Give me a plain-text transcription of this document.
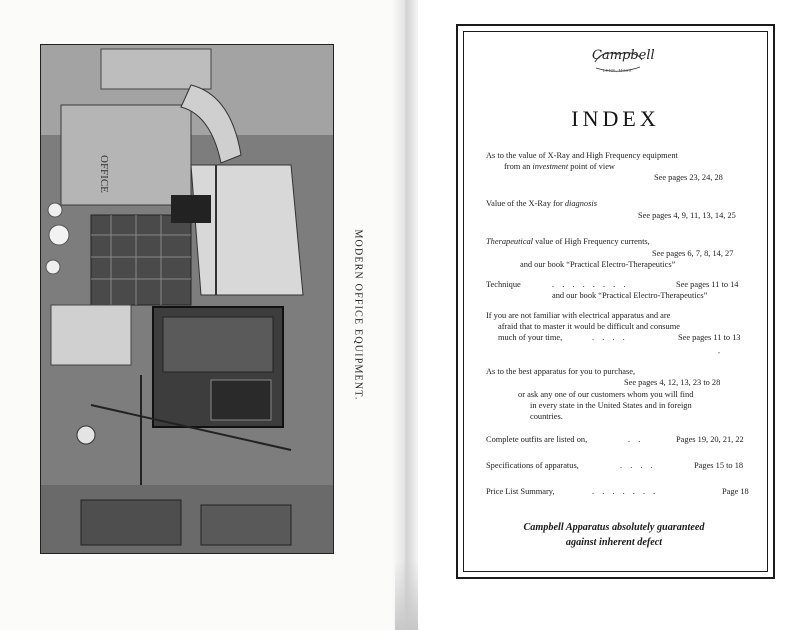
OFFICE
MODERN OFFICE EQUIPMENT.
Campbell
LYNN, MASS.
INDEX
As to the value of X-Ray and High Frequency equipment
from an investment point of view
See pages 23, 24, 28
Value of the X-Ray for diagnosis
See pages 4, 9, 11, 13, 14, 25
Therapeutical value of High Frequency currents,
See pages 6, 7, 8, 14, 27
and our book “Practical Electro-Therapeutics”
Technique	. . . . . . . .	See pages 11 to 14
and our book “Practical Electro-Therapeutics”
If you are not familiar with electrical apparatus and are
afraid that to master it would be difficult and consume
much of your time,	. . . .	See pages 11 to 13
''
As to the best apparatus for you to purchase,
See pages 4, 12, 13, 23 to 28
or ask any one of our customers whom you will find
in every state in the United States and in foreign
countries.
Complete outfits are listed on,	. .	Pages 19, 20, 21, 22
Specifications of apparatus,	. . . .	Pages 15 to 18
Price List Summary,	. . . . . . .	Page 18
Campbell Apparatus absolutely guaranteed
against inherent defect
